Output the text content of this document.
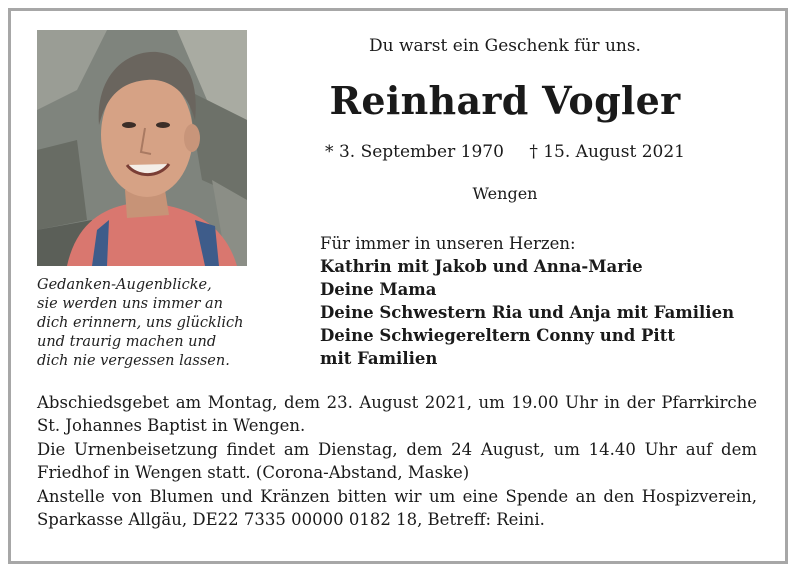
Gedanken-Augenblicke,
sie werden uns immer an
dich erinnern, uns glücklich
und traurig machen und
dich nie vergessen lassen.
Du warst ein Geschenk für uns.
Reinhard Vogler
* 3. September 1970 † 15. August 2021
Wengen
Für immer in unseren Herzen:
Kathrin mit Jakob und Anna-Marie
Deine Mama
Deine Schwestern Ria und Anja mit Familien
Deine Schwiegereltern Conny und Pitt
mit Familien

Abschiedsgebet am Montag, dem 23. August 2021, um 19.00 Uhr in der Pfarrkirche St. Johannes Baptist in Wengen.

Die Urnenbeisetzung findet am Dienstag, dem 24 August, um 14.40 Uhr auf dem Friedhof in Wengen statt. (Corona-Abstand, Maske)

Anstelle von Blumen und Kränzen bitten wir um eine Spende an den Hospizverein, Sparkasse Allgäu, DE22 7335 00000 0182 18, Betreff: Reini.
